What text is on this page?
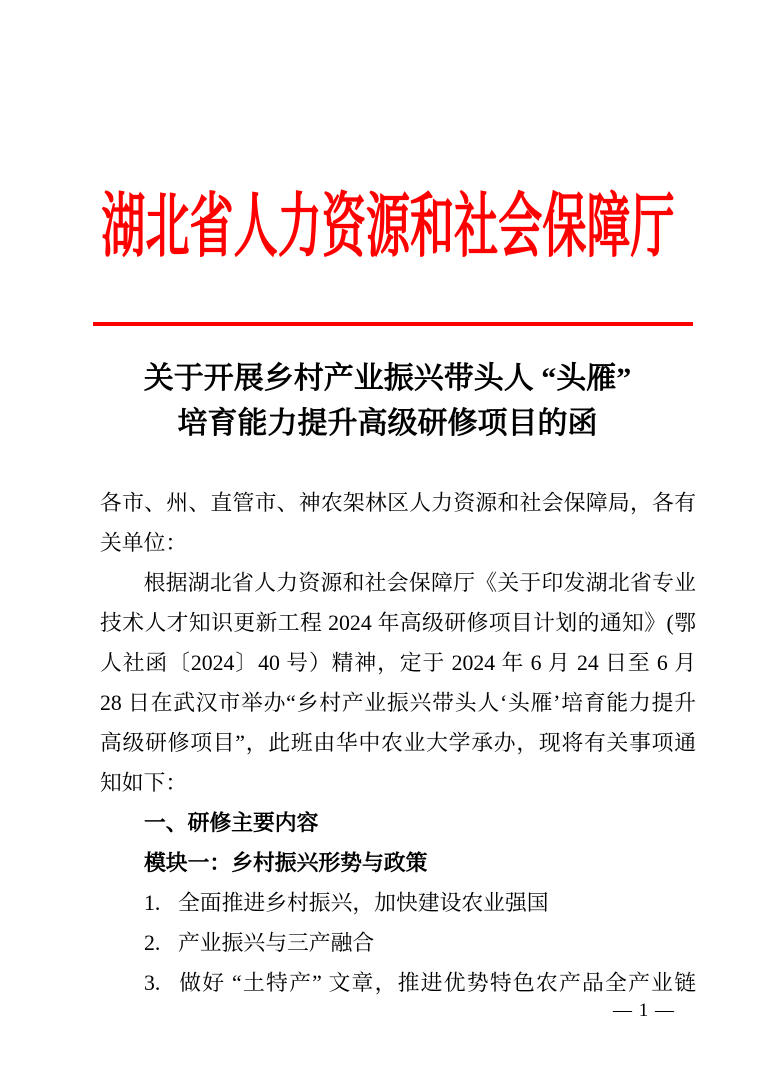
湖北省人力资源和社会保障厅
关于开展乡村产业振兴带头人 “头雁”
培育能力提升高级研修项目的函
各市、州、直管市、神农架林区人力资源和社会保障局，各有
关单位：
根据湖北省人力资源和社会保障厅《关于印发湖北省专业
技术人才知识更新工程 2024 年高级研修项目计划的通知》(鄂
人社函〔2024〕40 号）精神，定于 2024 年 6 月 24 日至 6 月
28 日在武汉市举办“乡村产业振兴带头人‘头雁’培育能力提升
高级研修项目”，此班由华中农业大学承办，现将有关事项通
知如下：
一、研修主要内容
模块一：乡村振兴形势与政策
1. 全面推进乡村振兴，加快建设农业强国
2. 产业振兴与三产融合
3. 做好 “土特产” 文章，推进优势特色农产品全产业链
— 1 —
